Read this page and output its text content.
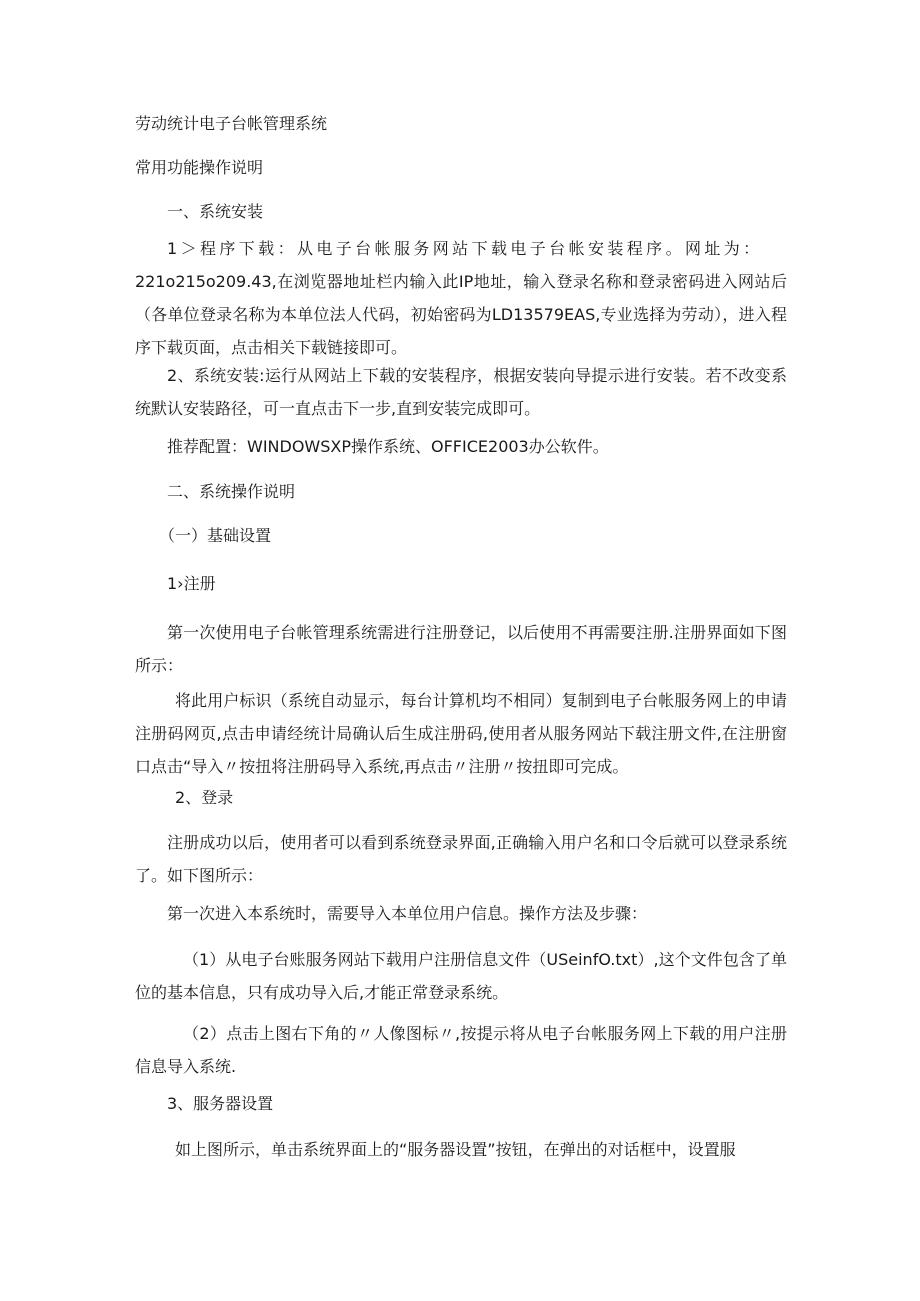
劳动统计电子台帐管理系统

常用功能操作说明

一、系统安装

1＞程序下载：从电子台帐服务网站下载电子台帐安装程序。网址为：

221o215o209.43,在浏览器地址栏内输入此IP地址，输入登录名称和登录密码进入网站后（各单位登录名称为本单位法人代码，初始密码为LD13579EAS,专业选择为劳动），进入程序下载页面，点击相关下载链接即可。

2、系统安装:运行从网站上下载的安装程序，根据安装向导提示进行安装。若不改变系统默认安装路径，可一直点击下一步,直到安装完成即可。

推荐配置：WINDOWSXP操作系统、OFFICE2003办公软件。

二、系统操作说明

（一）基础设置

1›注册

第一次使用电子台帐管理系统需进行注册登记，以后使用不再需要注册.注册界面如下图所示：

将此用户标识（系统自动显示，每台计算机均不相同）复制到电子台帐服务网上的申请注册码网页,点击申请经统计局确认后生成注册码,使用者从服务网站下载注册文件,在注册窗口点击“导入〃按扭将注册码导入系统,再点击〃注册〃按扭即可完成。

2、登录

注册成功以后，使用者可以看到系统登录界面,正确输入用户名和口令后就可以登录系统了。如下图所示：

第一次进入本系统时，需要导入本单位用户信息。操作方法及步骤：

（1）从电子台账服务网站下载用户注册信息文件（USeinfO.txt）,这个文件包含了单位的基本信息，只有成功导入后,才能正常登录系统。

（2）点击上图右下角的〃人像图标〃,按提示将从电子台帐服务网上下载的用户注册信息导入系统.

3、服务器设置

如上图所示，单击系统界面上的“服务器设置”按钮，在弹出的对话框中，设置服
